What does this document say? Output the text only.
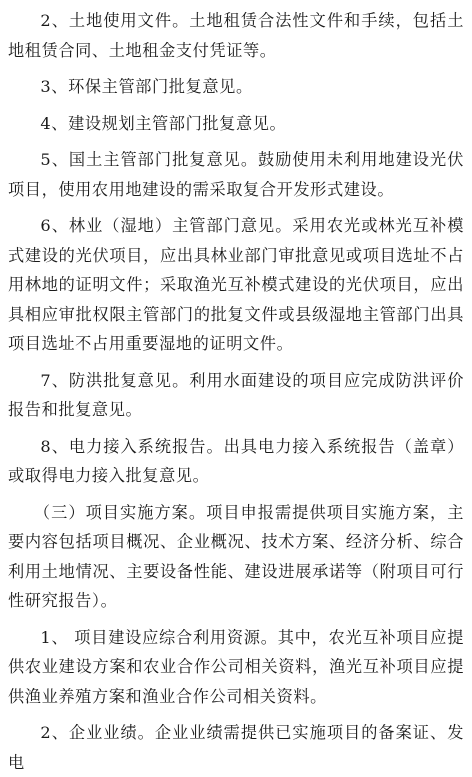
2、土地使用文件。土地租赁合法性文件和手续，包括土地租赁合同、土地租金支付凭证等。

3、环保主管部门批复意见。

4、建设规划主管部门批复意见。

5、国土主管部门批复意见。鼓励使用未利用地建设光伏项目，使用农用地建设的需采取复合开发形式建设。

6、林业（湿地）主管部门意见。采用农光或林光互补模式建设的光伏项目，应出具林业部门审批意见或项目选址不占用林地的证明文件；采取渔光互补模式建设的光伏项目，应出具相应审批权限主管部门的批复文件或县级湿地主管部门出具项目选址不占用重要湿地的证明文件。

7、防洪批复意见。利用水面建设的项目应完成防洪评价报告和批复意见。

8、电力接入系统报告。出具电力接入系统报告（盖章）或取得电力接入批复意见。

（三）项目实施方案。项目申报需提供项目实施方案，主要内容包括项目概况、企业概况、技术方案、经济分析、综合利用土地情况、主要设备性能、建设进展承诺等（附项目可行性研究报告）。

1、 项目建设应综合利用资源。其中，农光互补项目应提供农业建设方案和农业合作公司相关资料，渔光互补项目应提供渔业养殖方案和渔业合作公司相关资料。

2、企业业绩。企业业绩需提供已实施项目的备案证、发电
